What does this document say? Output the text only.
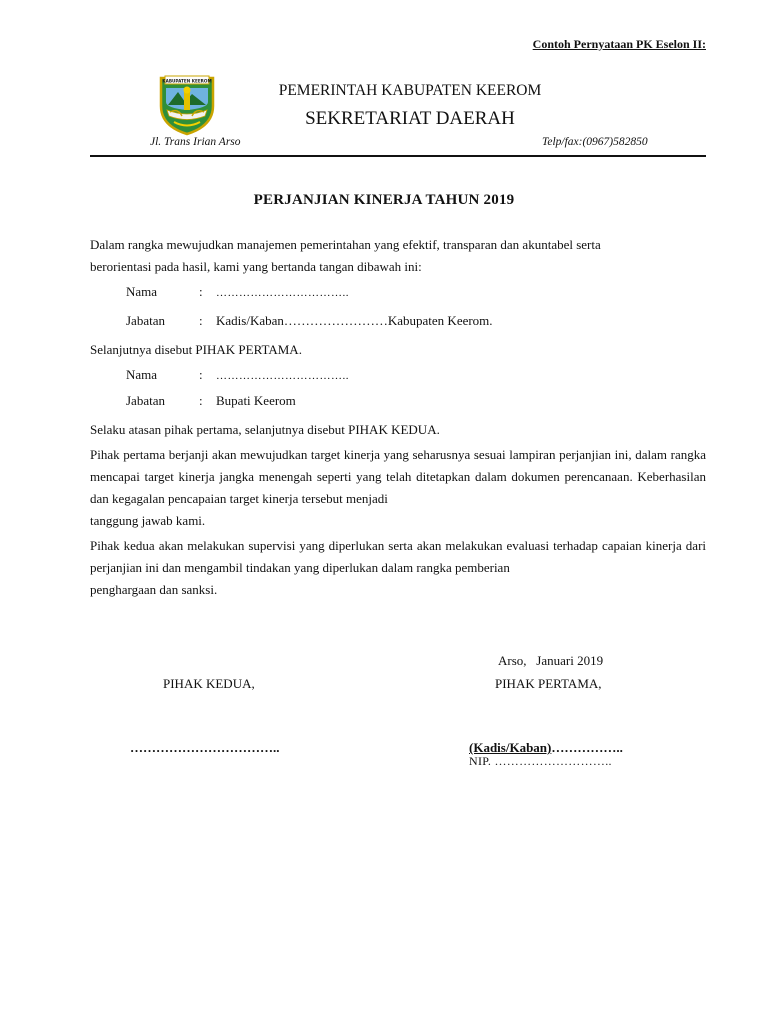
Contoh Pernyataan PK Eselon II:
KABUPATEN KEEROM
PEMERINTAH KABUPATEN KEEROM
SEKRETARIAT DAERAH
Jl. Trans Irian Arso	Telp/fax:(0967)582850
PERJANJIAN KINERJA TAHUN 2019
Dalam rangka mewujudkan manajemen pemerintahan yang efektif, transparan dan akuntabel serta
berorientasi pada hasil, kami yang bertanda tangan dibawah ini:
Nama	: ……………………………..
Jabatan	: Kadis/Kaban……………………Kabupaten Keerom.
Selanjutnya disebut PIHAK PERTAMA.
Nama	: ……………………………..
Jabatan	: Bupati Keerom
Selaku atasan pihak pertama, selanjutnya disebut PIHAK KEDUA.
Pihak pertama berjanji akan mewujudkan target kinerja yang seharusnya sesuai lampiran perjanjian ini, dalam rangka mencapai target kinerja jangka menengah seperti yang telah ditetapkan dalam dokumen perencanaan. Keberhasilan dan kegagalan pencapaian target kinerja tersebut menjadi
tanggung jawab kami.
Pihak kedua akan melakukan supervisi yang diperlukan serta akan melakukan evaluasi terhadap capaian kinerja dari perjanjian ini dan mengambil tindakan yang diperlukan dalam rangka pemberian
penghargaan dan sanksi.
Arso,   Januari 2019
PIHAK KEDUA,	PIHAK PERTAMA,
……………………………..	(Kadis/Kaban)……………..
NIP. ………………………..
